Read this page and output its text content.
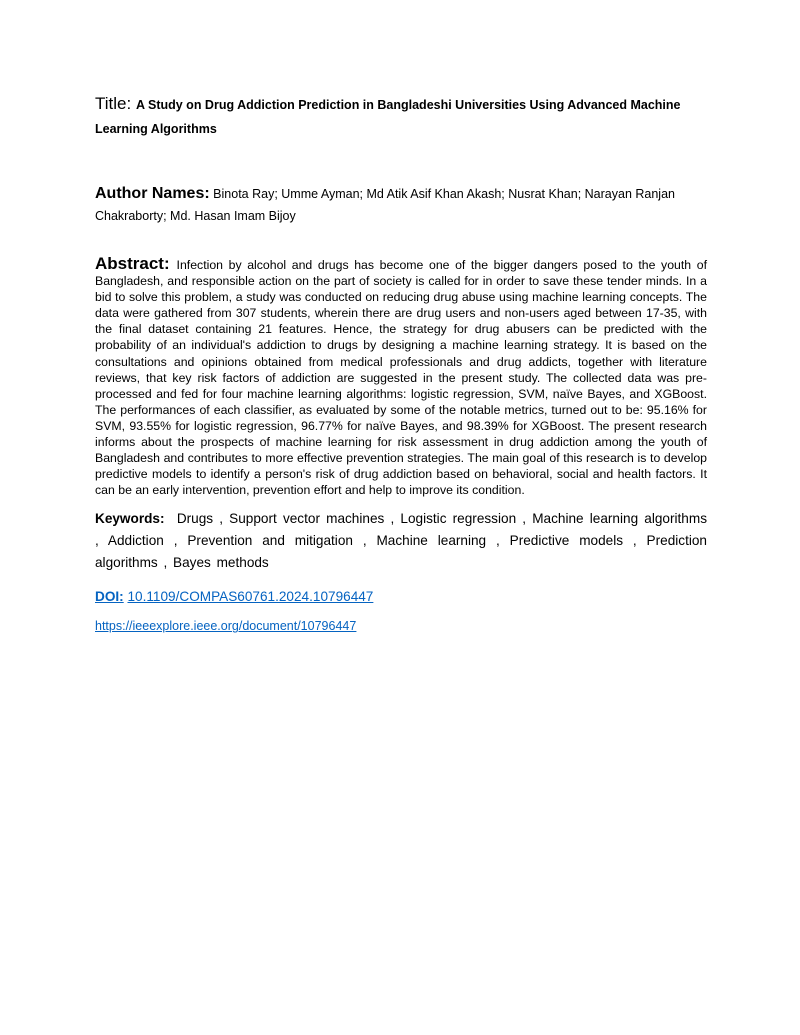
Title: A Study on Drug Addiction Prediction in Bangladeshi Universities Using Advanced Machine Learning Algorithms
Author Names: Binota Ray; Umme Ayman; Md Atik Asif Khan Akash; Nusrat Khan; Narayan Ranjan Chakraborty; Md. Hasan Imam Bijoy
Abstract: Infection by alcohol and drugs has become one of the bigger dangers posed to the youth of Bangladesh, and responsible action on the part of society is called for in order to save these tender minds. In a bid to solve this problem, a study was conducted on reducing drug abuse using machine learning concepts. The data were gathered from 307 students, wherein there are drug users and non-users aged between 17-35, with the final dataset containing 21 features. Hence, the strategy for drug abusers can be predicted with the probability of an individual's addiction to drugs by designing a machine learning strategy. It is based on the consultations and opinions obtained from medical professionals and drug addicts, together with literature reviews, that key risk factors of addiction are suggested in the present study. The collected data was pre-processed and fed for four machine learning algorithms: logistic regression, SVM, naïve Bayes, and XGBoost. The performances of each classifier, as evaluated by some of the notable metrics, turned out to be: 95.16% for SVM, 93.55% for logistic regression, 96.77% for naïve Bayes, and 98.39% for XGBoost. The present research informs about the prospects of machine learning for risk assessment in drug addiction among the youth of Bangladesh and contributes to more effective prevention strategies. The main goal of this research is to develop predictive models to identify a person's risk of drug addiction based on behavioral, social and health factors. It can be an early intervention, prevention effort and help to improve its condition.
Keywords: Drugs , Support vector machines , Logistic regression , Machine learning algorithms , Addiction , Prevention and mitigation , Machine learning , Predictive models , Prediction algorithms , Bayes methods
DOI: 10.1109/COMPAS60761.2024.10796447
https://ieeexplore.ieee.org/document/10796447
